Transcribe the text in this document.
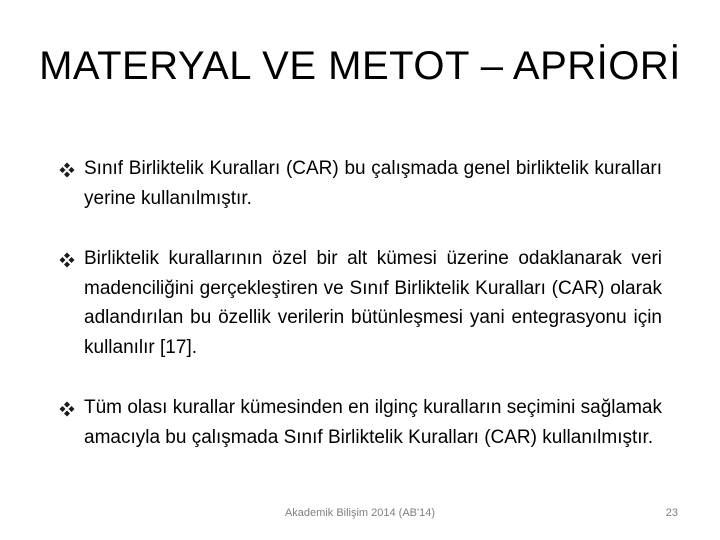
MATERYAL VE METOT – APRİORİ
Sınıf Birliktelik Kuralları (CAR) bu çalışmada genel birliktelik kuralları yerine kullanılmıştır.
Birliktelik kurallarının özel bir alt kümesi üzerine odaklanarak veri madenciliğini gerçekleştiren ve Sınıf Birliktelik Kuralları (CAR) olarak adlandırılan bu özellik verilerin bütünleşmesi yani entegrasyonu için kullanılır [17].
Tüm olası kurallar kümesinden en ilginç kuralların seçimini sağlamak amacıyla bu çalışmada Sınıf Birliktelik Kuralları (CAR) kullanılmıştır.
Akademik Bilişim 2014 (AB'14)	23
